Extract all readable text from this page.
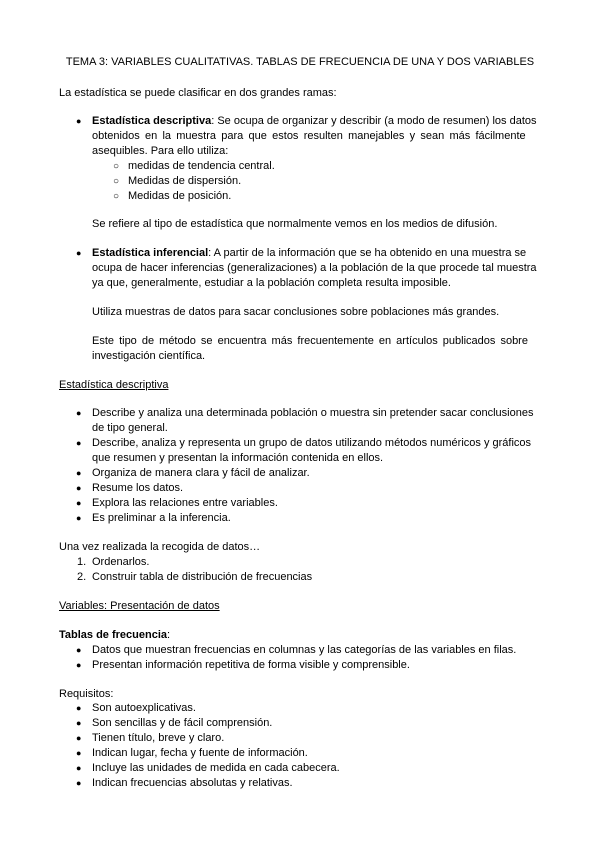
TEMA 3: VARIABLES CUALITATIVAS. TABLAS DE FRECUENCIA DE UNA Y DOS VARIABLES
La estadística se puede clasificar en dos grandes ramas:
● Estadística descriptiva: Se ocupa de organizar y describir (a modo de resumen) los datos
obtenidos en la muestra para que estos resulten manejables y sean más fácilmente
asequibles. Para ello utiliza:
○ medidas de tendencia central.
○ Medidas de dispersión.
○ Medidas de posición.
Se refiere al tipo de estadística que normalmente vemos en los medios de difusión.
● Estadística inferencial: A partir de la información que se ha obtenido en una muestra se
ocupa de hacer inferencias (generalizaciones) a la población de la que procede tal muestra
ya que, generalmente, estudiar a la población completa resulta imposible.
Utiliza muestras de datos para sacar conclusiones sobre poblaciones más grandes.
Este tipo de método se encuentra más frecuentemente en artículos publicados sobre
investigación científica.
Estadística descriptiva
● Describe y analiza una determinada población o muestra sin pretender sacar conclusiones
de tipo general.
● Describe, analiza y representa un grupo de datos utilizando métodos numéricos y gráficos
que resumen y presentan la información contenida en ellos.
● Organiza de manera clara y fácil de analizar.
● Resume los datos.
● Explora las relaciones entre variables.
● Es preliminar a la inferencia.
Una vez realizada la recogida de datos…
1. Ordenarlos.
2. Construir tabla de distribución de frecuencias
Variables: Presentación de datos
Tablas de frecuencia:
● Datos que muestran frecuencias en columnas y las categorías de las variables en filas.
● Presentan información repetitiva de forma visible y comprensible.
Requisitos:
● Son autoexplicativas.
● Son sencillas y de fácil comprensión.
● Tienen título, breve y claro.
● Indican lugar, fecha y fuente de información.
● Incluye las unidades de medida en cada cabecera.
● Indican frecuencias absolutas y relativas.
